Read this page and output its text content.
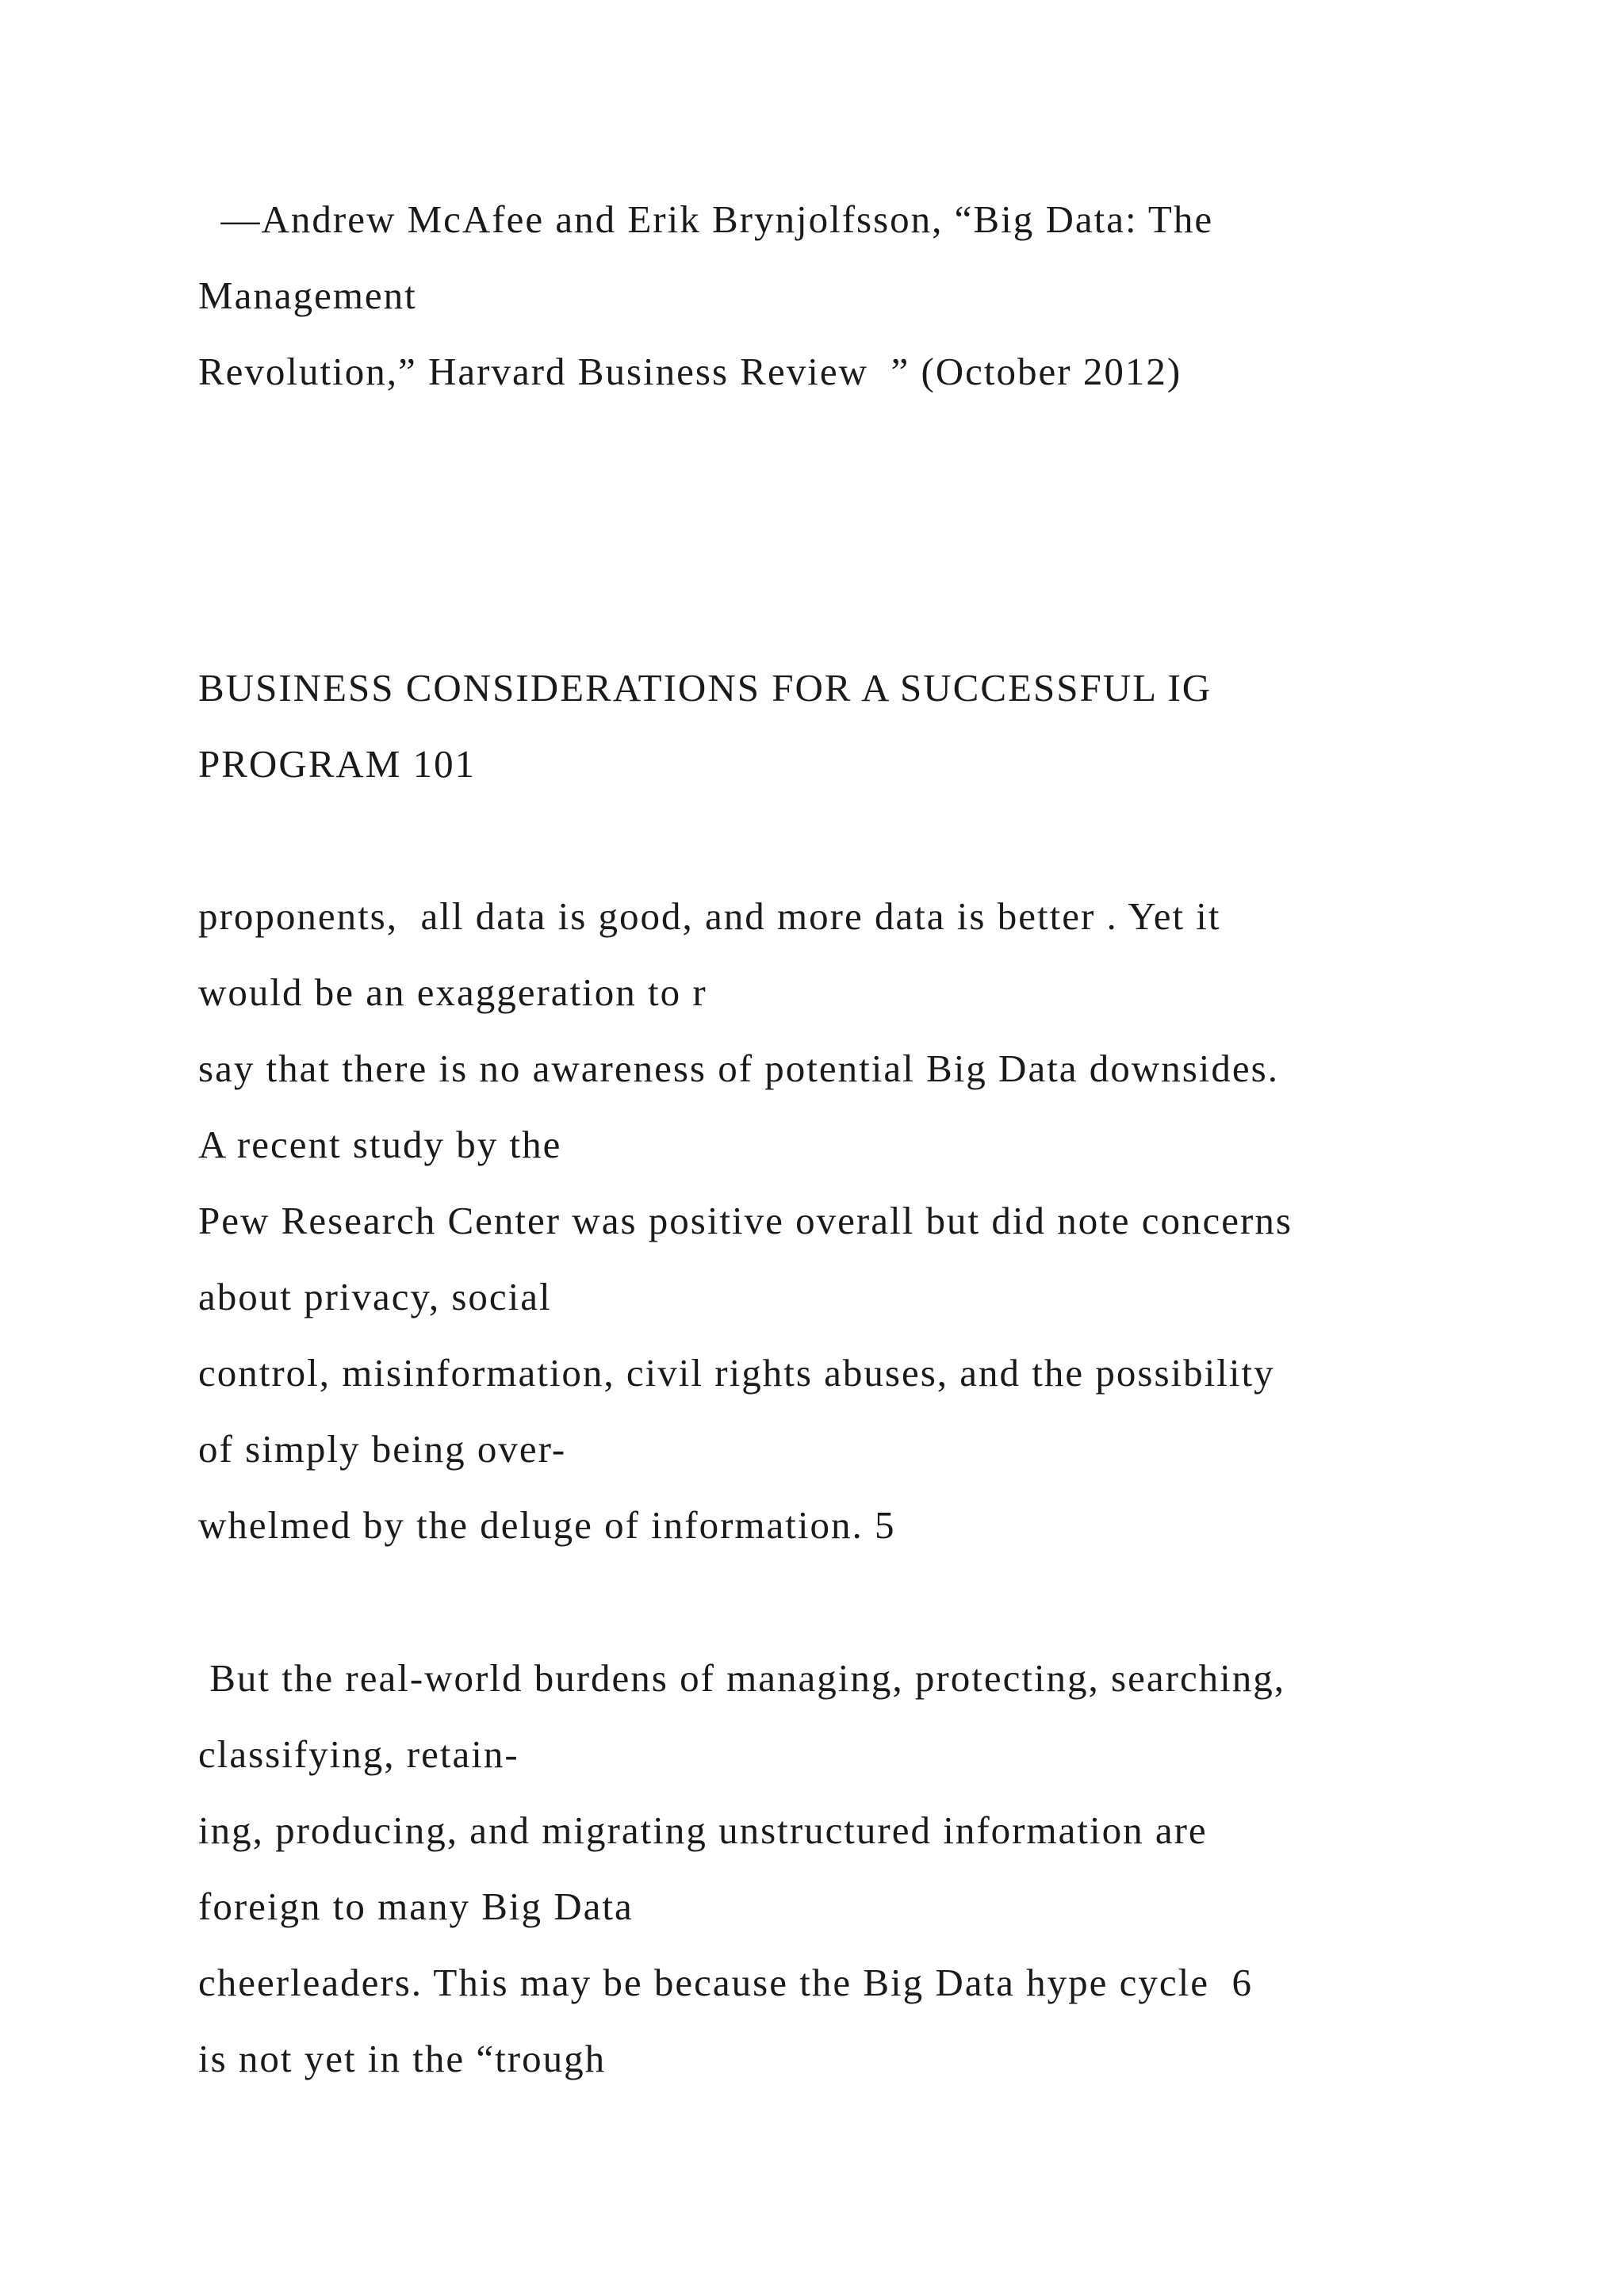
—Andrew McAfee and Erik Brynjolfsson, “Big Data: The

Management

Revolution,” Harvard Business Review  ” (October 2012)

BUSINESS CONSIDERATIONS FOR A SUCCESSFUL IG

PROGRAM 101

proponents,  all data is good, and more data is better . Yet it

would be an exaggeration to r

say that there is no awareness of potential Big Data downsides.

A recent study by the

Pew Research Center was positive overall but did note concerns

about privacy, social

control, misinformation, civil rights abuses, and the possibility

of simply being over-

whelmed by the deluge of information. 5

But the real-world burdens of managing, protecting, searching,

classifying, retain-

ing, producing, and migrating unstructured information are

foreign to many Big Data

cheerleaders. This may be because the Big Data hype cycle  6

is not yet in the “trough
